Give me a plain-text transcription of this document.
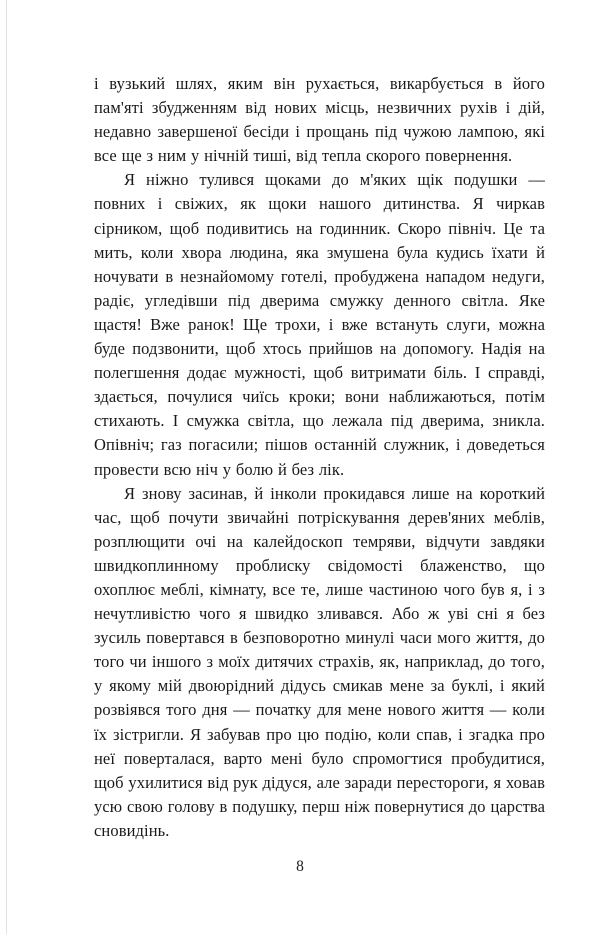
і вузький шлях, яким він рухається, викарбується в його пам'яті збудженням від нових місць, незвичних рухів і дій, недавно завершеної бесіди і прощань під чужою лампою, які все ще з ним у нічній тиші, від тепла скорого повернення.

Я ніжно тулився щоками до м'яких щік подушки — повних і свіжих, як щоки нашого дитинства. Я чиркав сірником, щоб подивитись на годинник. Скоро північ. Це та мить, коли хвора людина, яка змушена була кудись їхати й ночувати в незнайомому готелі, пробуджена нападом недуги, радіє, угледівши під дверима смужку денного світла. Яке щастя! Вже ранок! Ще трохи, і вже встануть слуги, можна буде подзвонити, щоб хтось прийшов на допомогу. Надія на полегшення додає мужності, щоб витримати біль. І справді, здається, почулися чиїсь кроки; вони наближаються, потім стихають. І смужка світла, що лежала під дверима, зникла. Опівніч; газ погасили; пішов останній служник, і доведеться провести всю ніч у болю й без лік.

Я знову засинав, й інколи прокидався лише на короткий час, щоб почути звичайні потріскування дерев'яних меблів, розплющити очі на калейдоскоп темряви, відчути завдяки швидкоплинному проблиску свідомості блаженство, що охоплює меблі, кімнату, все те, лише частиною чого був я, і з нечутливістю чого я швидко зливався. Або ж уві сні я без зусиль повертався в безповоротно минулі часи мого життя, до того чи іншого з моїх дитячих страхів, як, наприклад, до того, у якому мій двоюрідний дідусь смикав мене за буклі, і який розвіявся того дня — початку для мене нового життя — коли їх зістригли. Я забував про цю подію, коли спав, і згадка про неї поверталася, варто мені було спромогтися пробудитися, щоб ухилитися від рук дідуся, але заради перестороги, я ховав усю свою голову в подушку, перш ніж повернутися до царства сновидінь.

8
